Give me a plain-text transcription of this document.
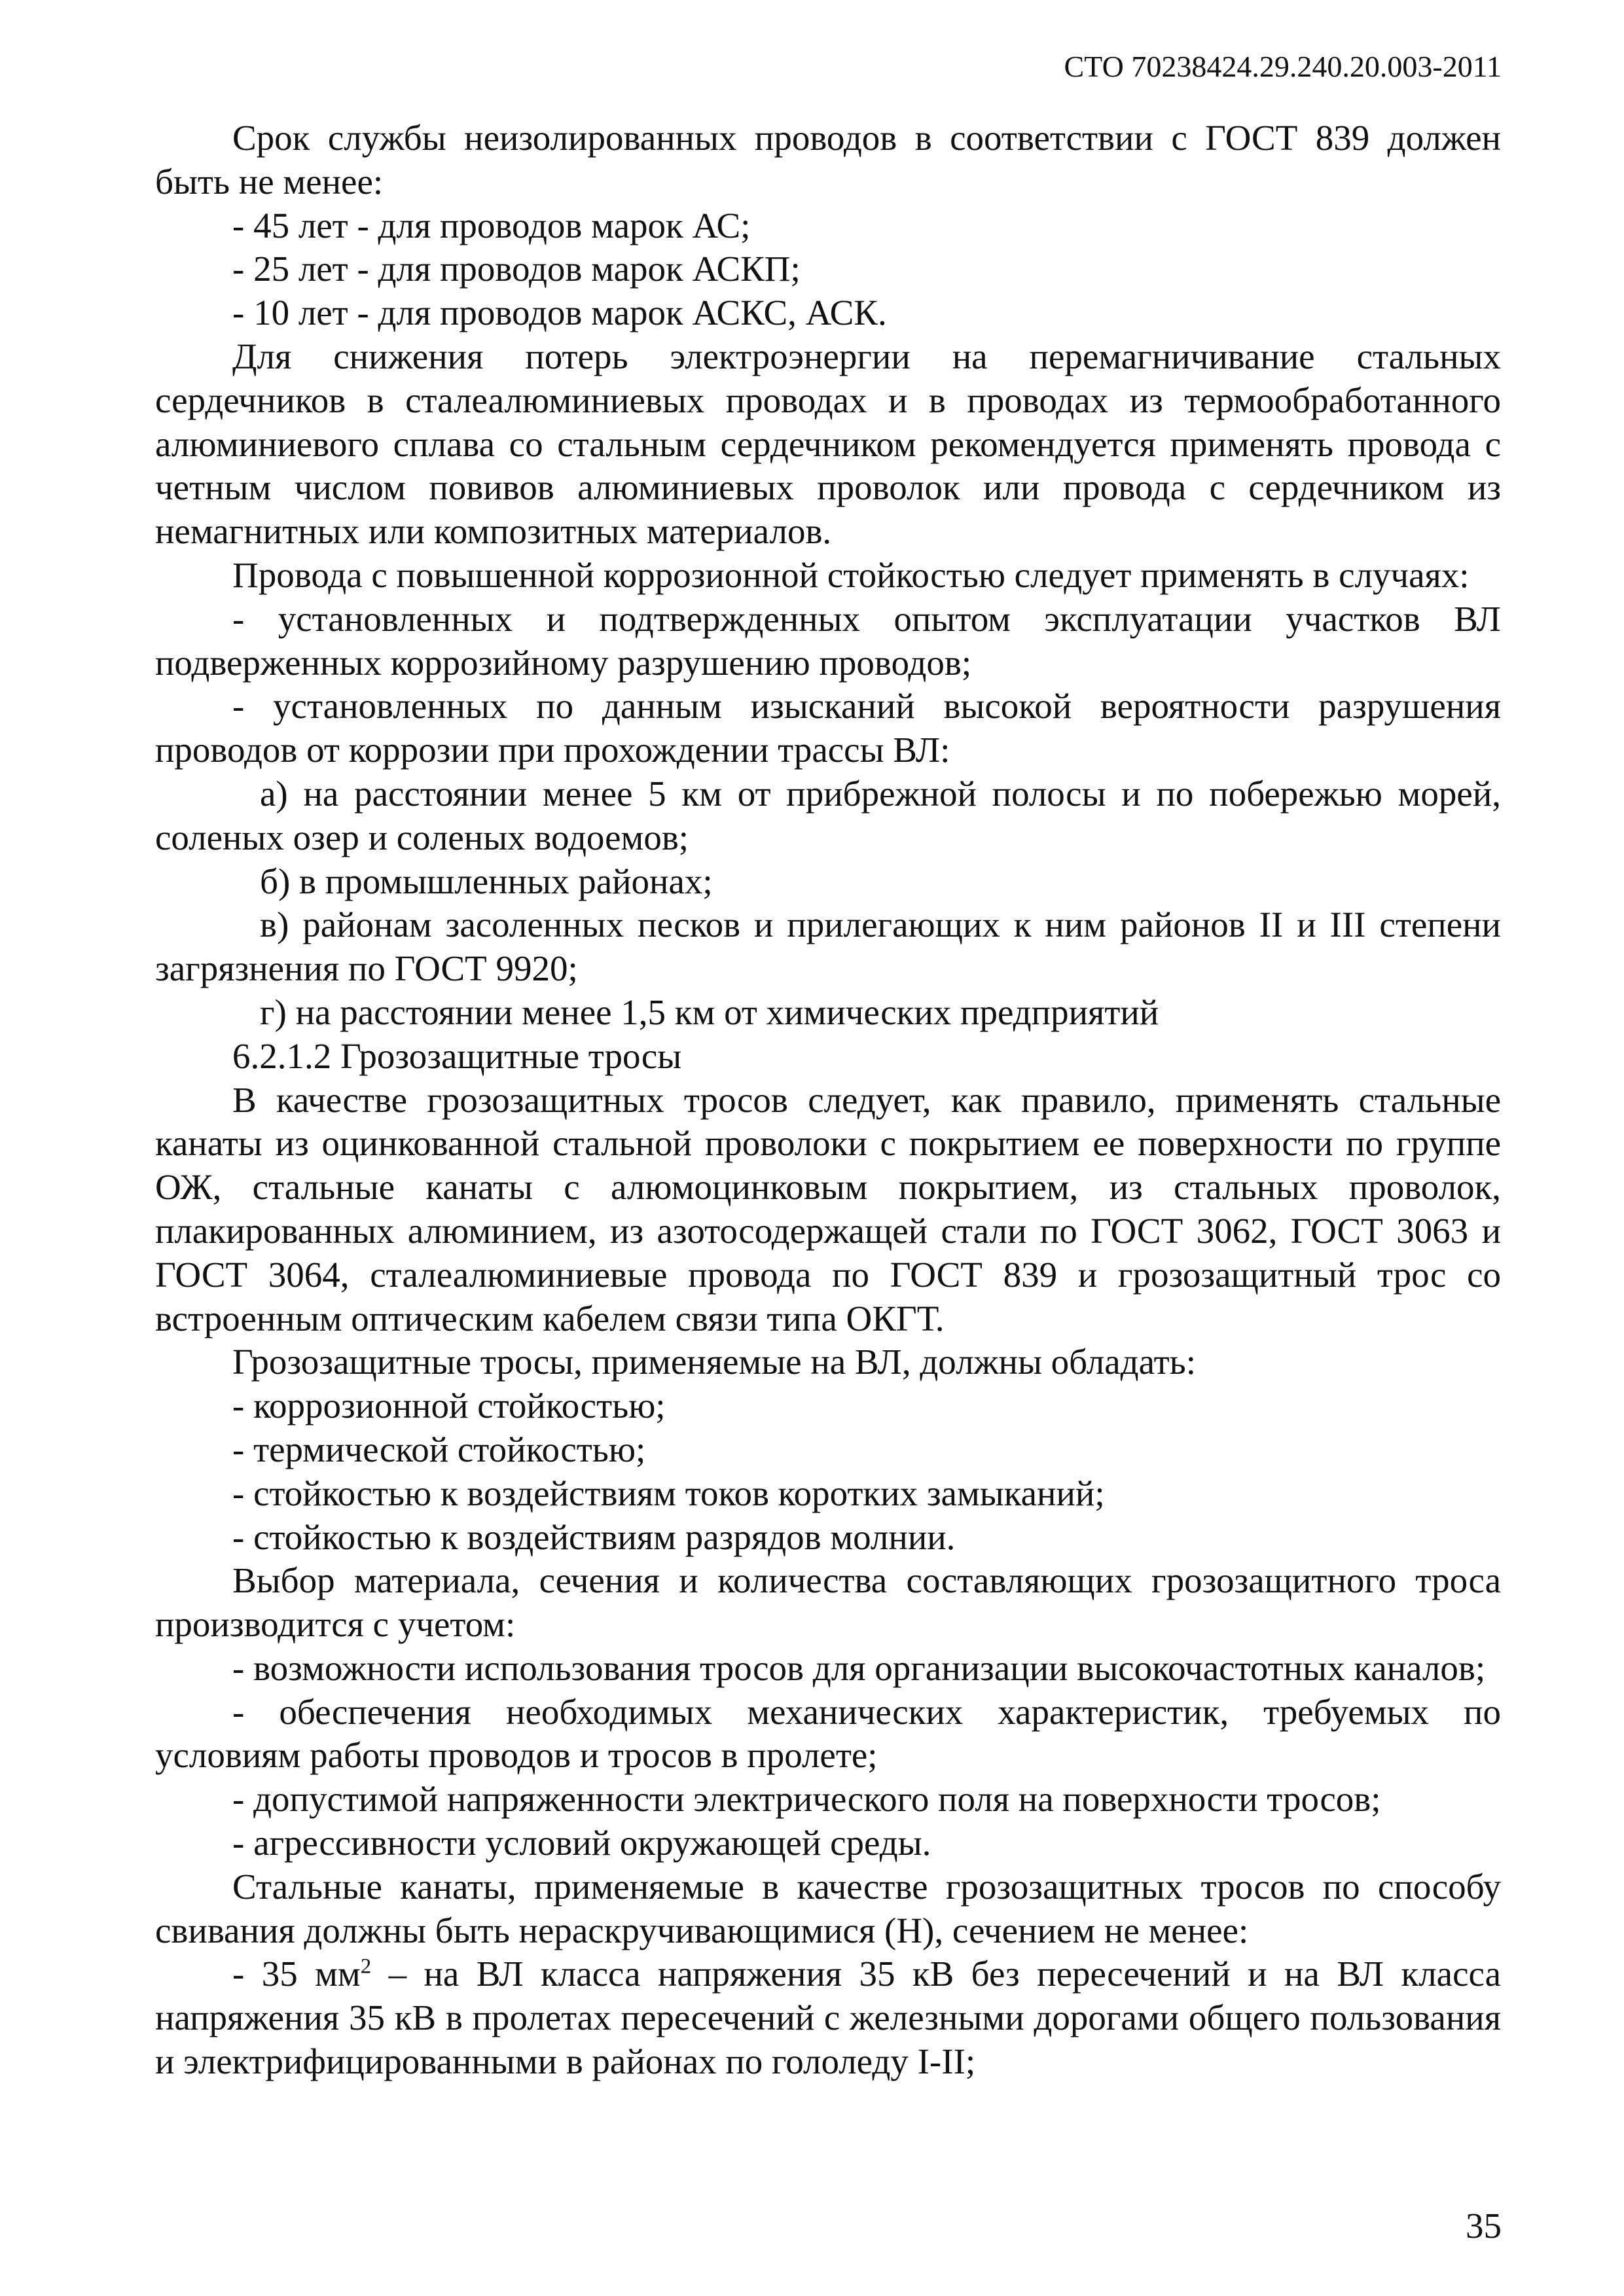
СТО 70238424.29.240.20.003-2011

Срок службы неизолированных проводов в соответствии с ГОСТ 839 должен быть не менее:

- 45 лет - для проводов марок АС;

- 25 лет - для проводов марок АСКП;

- 10 лет - для проводов марок АСКС, АСК.

Для снижения потерь электроэнергии на перемагничивание стальных сердечников в сталеалюминиевых проводах и в проводах из термообработанного алюминиевого сплава со стальным сердечником рекомендуется применять провода с четным числом повивов алюминиевых проволок или провода с сердечником из немагнитных или композитных материалов.

Провода с повышенной коррозионной стойкостью следует применять в случаях:

- установленных и подтвержденных опытом эксплуатации участков ВЛ подверженных коррозийному разрушению проводов;

- установленных по данным изысканий высокой вероятности разрушения проводов от коррозии при прохождении трассы ВЛ:

а) на расстоянии менее 5 км от прибрежной полосы и по побережью морей, соленых озер и соленых водоемов;

б) в промышленных районах;

в) районам засоленных песков и прилегающих к ним районов II и III степени загрязнения по ГОСТ 9920;

г) на расстоянии менее 1,5 км от химических предприятий

6.2.1.2 Грозозащитные тросы

В качестве грозозащитных тросов следует, как правило, применять стальные канаты из оцинкованной стальной проволоки с покрытием ее поверхности по группе ОЖ, стальные канаты с алюмоцинковым покрытием, из стальных проволок, плакированных алюминием, из азотосодержащей стали по ГОСТ 3062, ГОСТ 3063 и ГОСТ 3064, сталеалюминиевые провода по ГОСТ 839 и грозозащитный трос со встроенным оптическим кабелем связи типа ОКГТ.

Грозозащитные тросы, применяемые на ВЛ, должны обладать:

- коррозионной стойкостью;

- термической стойкостью;

- стойкостью к воздействиям токов коротких замыканий;

- стойкостью к воздействиям разрядов молнии.

Выбор материала, сечения и количества составляющих грозозащитного троса производится с учетом:

- возможности использования тросов для организации высокочастотных каналов;

- обеспечения необходимых механических характеристик, требуемых по условиям работы проводов и тросов в пролете;

- допустимой напряженности электрического поля на поверхности тросов;

- агрессивности условий окружающей среды.

Стальные канаты, применяемые в качестве грозозащитных тросов по способу свивания должны быть нераскручивающимися (Н), сечением не менее:

- 35 $мм^2$ – на ВЛ класса напряжения 35 кВ без пересечений и на ВЛ класса напряжения 35 кВ в пролетах пересечений с железными дорогами общего пользования и электрифицированными в районах по гололеду I-II;

35
